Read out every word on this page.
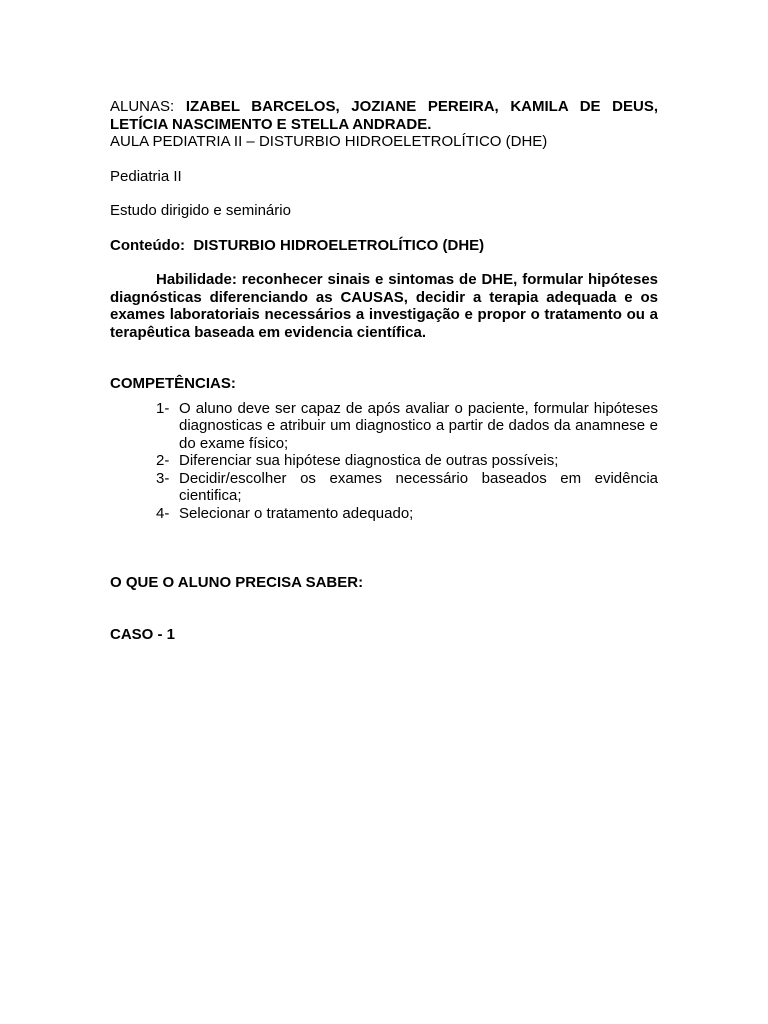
ALUNAS: IZABEL BARCELOS, JOZIANE PEREIRA, KAMILA DE DEUS, LETÍCIA NASCIMENTO E STELLA ANDRADE.

AULA PEDIATRIA II – DISTURBIO HIDROELETROLÍTICO (DHE)

Pediatria II

Estudo dirigido e seminário

Conteúdo: DISTURBIO HIDROELETROLÍTICO (DHE)

Habilidade: reconhecer sinais e sintomas de DHE, formular hipóteses diagnósticas diferenciando as CAUSAS, decidir a terapia adequada e os exames laboratoriais necessários a investigação e propor o tratamento ou a terapêutica baseada em evidencia científica.

COMPETÊNCIAS:

1- O aluno deve ser capaz de após avaliar o paciente, formular hipóteses diagnosticas e atribuir um diagnostico a partir de dados da anamnese e do exame físico;
2- Diferenciar sua hipótese diagnostica de outras possíveis;
3- Decidir/escolher os exames necessário baseados em evidência cientifica;
4- Selecionar o tratamento adequado;

O QUE O ALUNO PRECISA SABER:

CASO - 1
